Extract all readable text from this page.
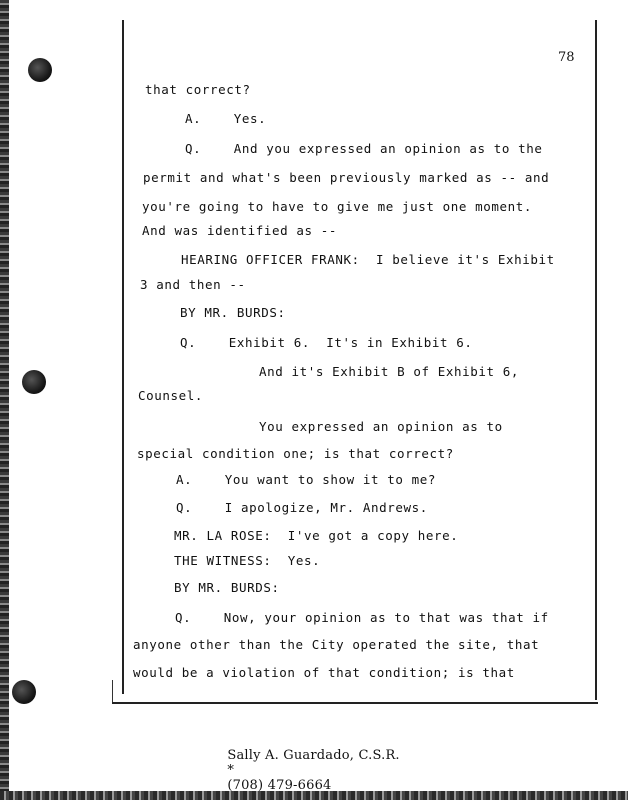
78
that correct?
A.    Yes.
Q.    And you expressed an opinion as to the
permit and what's been previously marked as -- and
you're going to have to give me just one moment.
And was identified as --
HEARING OFFICER FRANK:  I believe it's Exhibit
3 and then --
BY MR. BURDS:
Q.    Exhibit 6.  It's in Exhibit 6.
And it's Exhibit B of Exhibit 6,
Counsel.
You expressed an opinion as to
special condition one; is that correct?
A.    You want to show it to me?
Q.    I apologize, Mr. Andrews.
MR. LA ROSE:  I've got a copy here.
THE WITNESS:  Yes.
BY MR. BURDS:
Q.    Now, your opinion as to that was that if
anyone other than the City operated the site, that
would be a violation of that condition; is that

Sally A. Guardado, C.S.R.
*
(708) 479-6664
